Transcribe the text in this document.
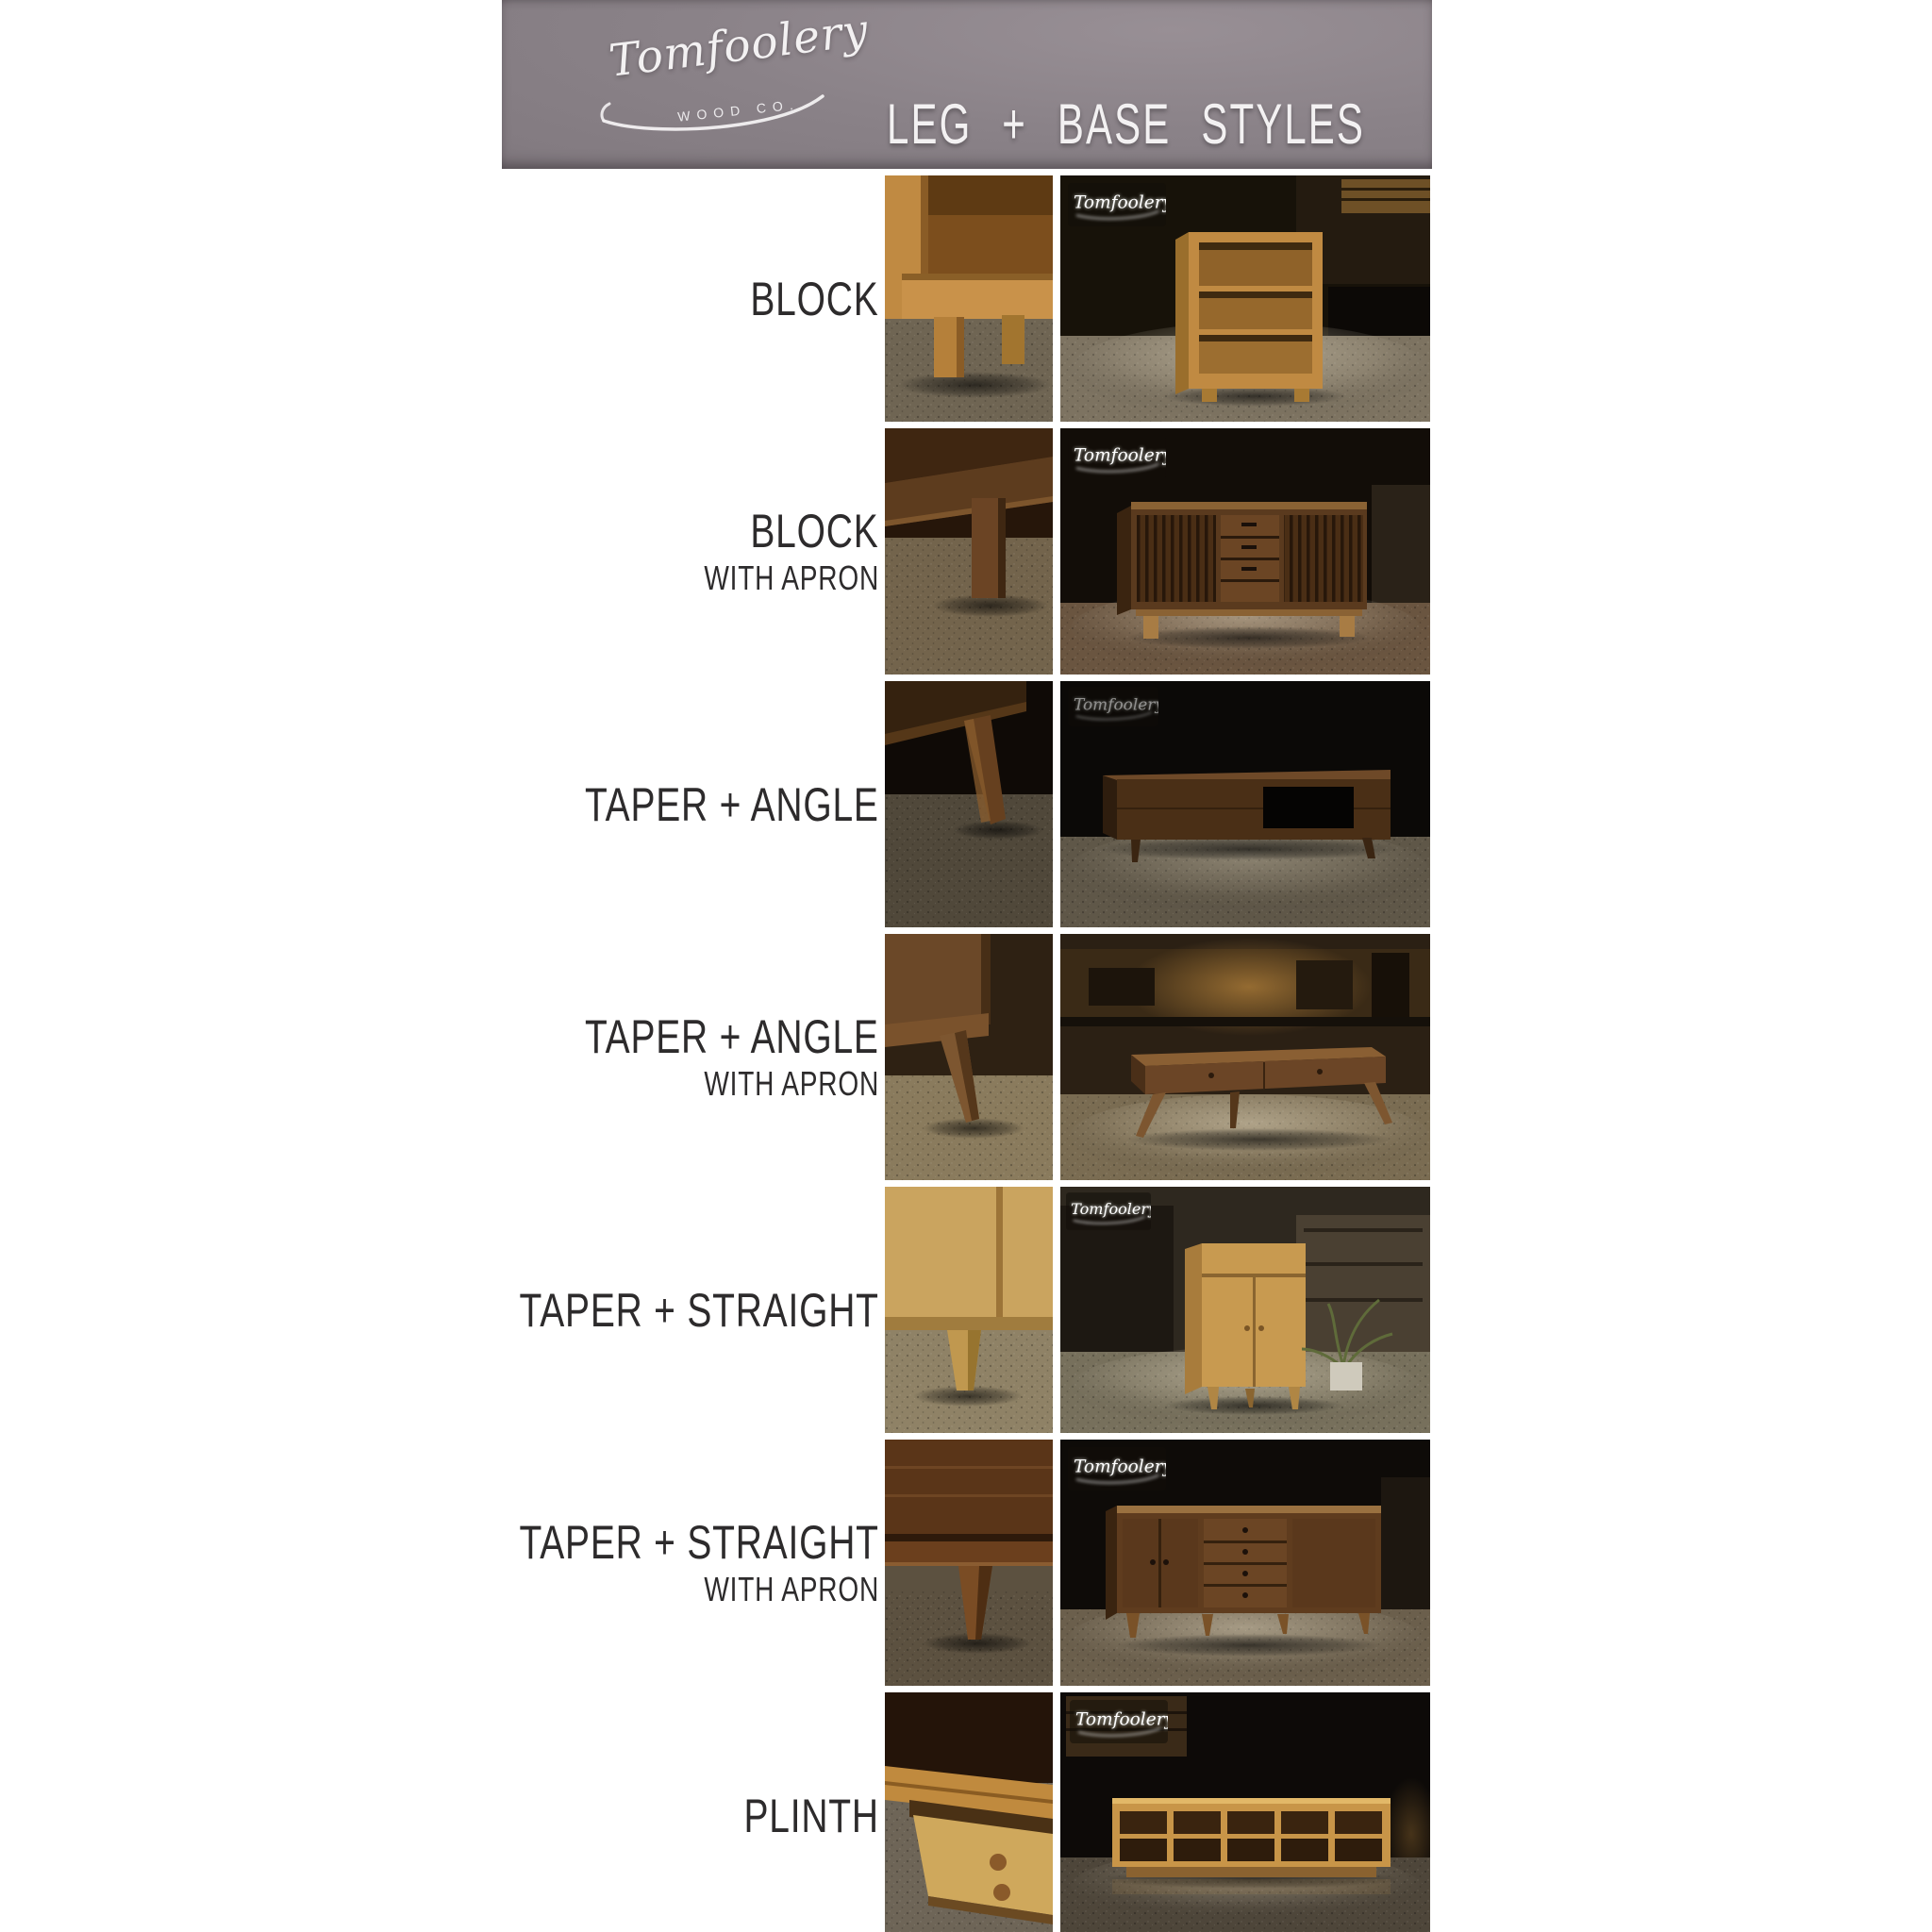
Tomfoolery
WOOD CO. LEG + BASE STYLES
BLOCK
BLOCK
WITH APRON
TAPER + ANGLE
TAPER + ANGLE
WITH APRON
TAPER + STRAIGHT
TAPER + STRAIGHT
WITH APRON
PLINTH
